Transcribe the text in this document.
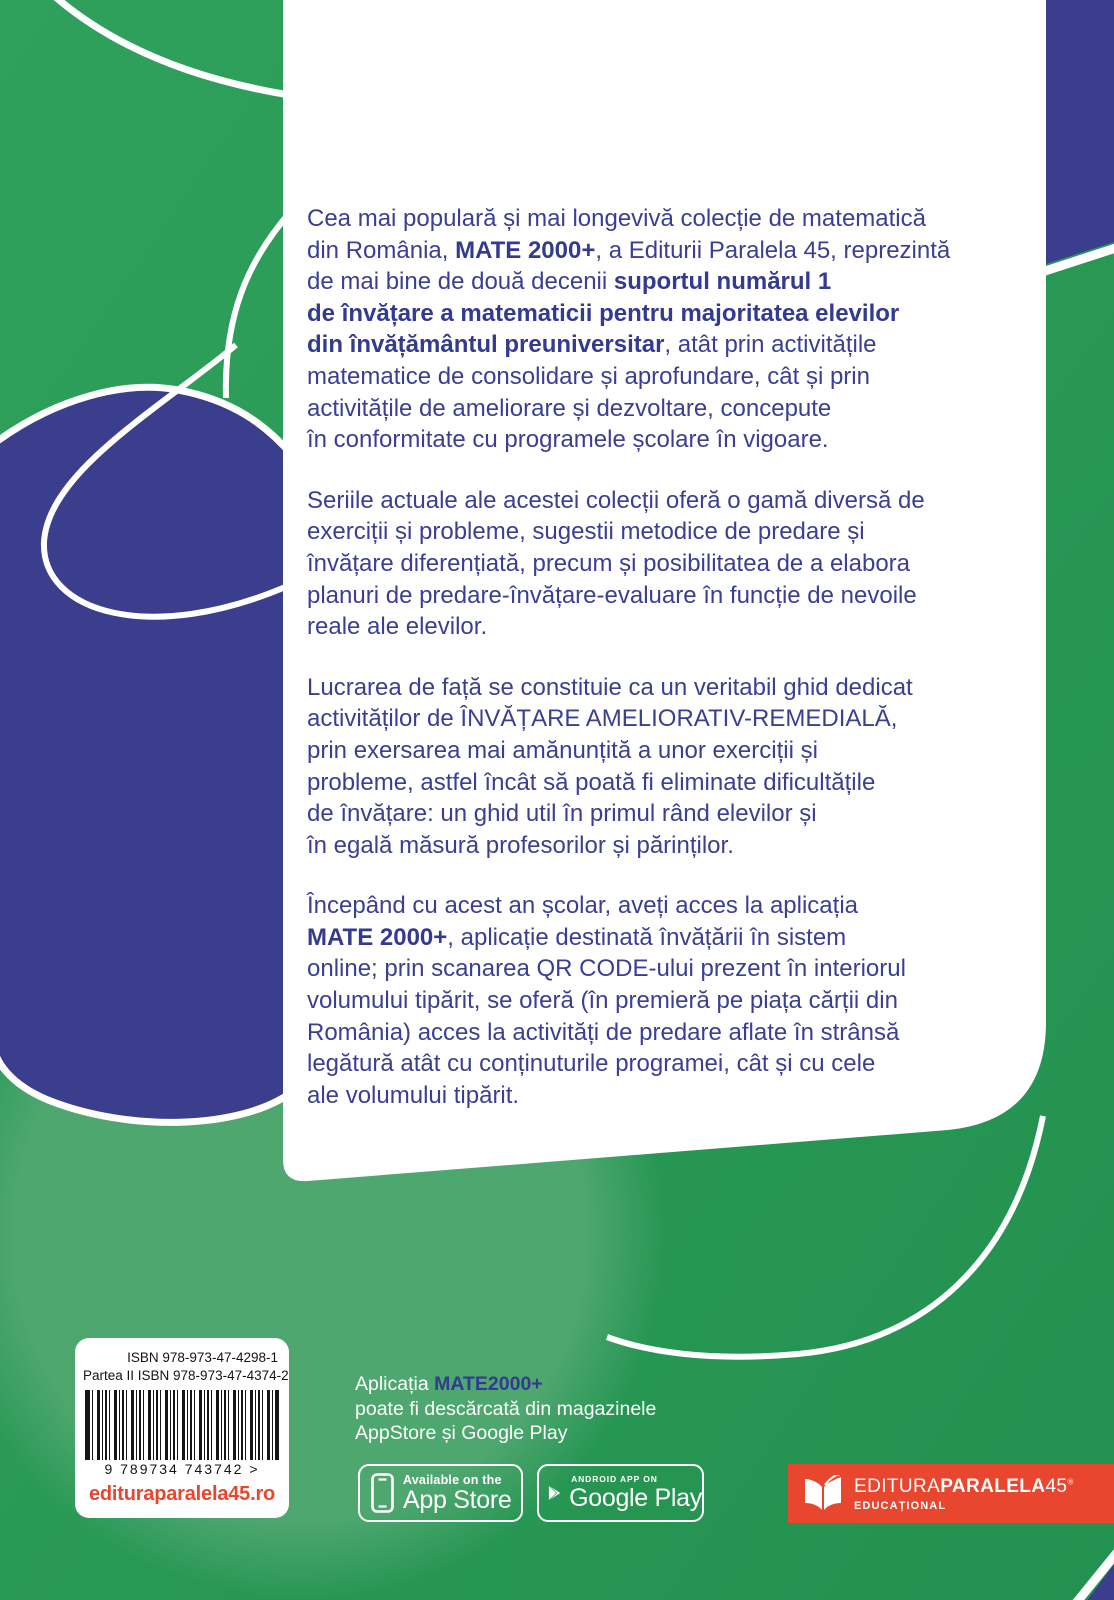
Cea mai populară și mai longevivă colecție de matematică
din România, MATE 2000+, a Editurii Paralela 45, reprezintă
de mai bine de două decenii suportul numărul 1
de învățare a matematicii pentru majoritatea elevilor
din învățământul preuniversitar, atât prin activitățile
matematice de consolidare și aprofundare, cât și prin
activitățile de ameliorare și dezvoltare, concepute
în conformitate cu programele școlare în vigoare.
Seriile actuale ale acestei colecții oferă o gamă diversă de
exerciții și probleme, sugestii metodice de predare și
învățare diferențiată, precum și posibilitatea de a elabora
planuri de predare-învățare-evaluare în funcție de nevoile
reale ale elevilor.
Lucrarea de față se constituie ca un veritabil ghid dedicat
activităților de ÎNVĂȚARE AMELIORATIV-REMEDIALĂ,
prin exersarea mai amănunțită a unor exerciții și
probleme, astfel încât să poată fi eliminate dificultățile
de învățare: un ghid util în primul rând elevilor și
în egală măsură profesorilor și părinților.
Începând cu acest an școlar, aveți acces la aplicația
MATE 2000+, aplicație destinată învățării în sistem
online; prin scanarea QR CODE-ului prezent în interiorul
volumului tipărit, se oferă (în premieră pe piața cărții din
România) acces la activități de predare aflate în strânsă
legătură atât cu conținuturile programei, cât și cu cele
ale volumului tipărit.
ISBN 978-973-47-4298-1
Partea II ISBN 978-973-47-4374-2
9 789734 743742 >
edituraparalela45.ro
Aplicația MATE2000+
poate fi descărcată din magazinele
AppStore și Google Play
Available on the
App Store
ANDROID APP ON
Google Play	EDITURAPARALELA45®
EDUCAȚIONAL
